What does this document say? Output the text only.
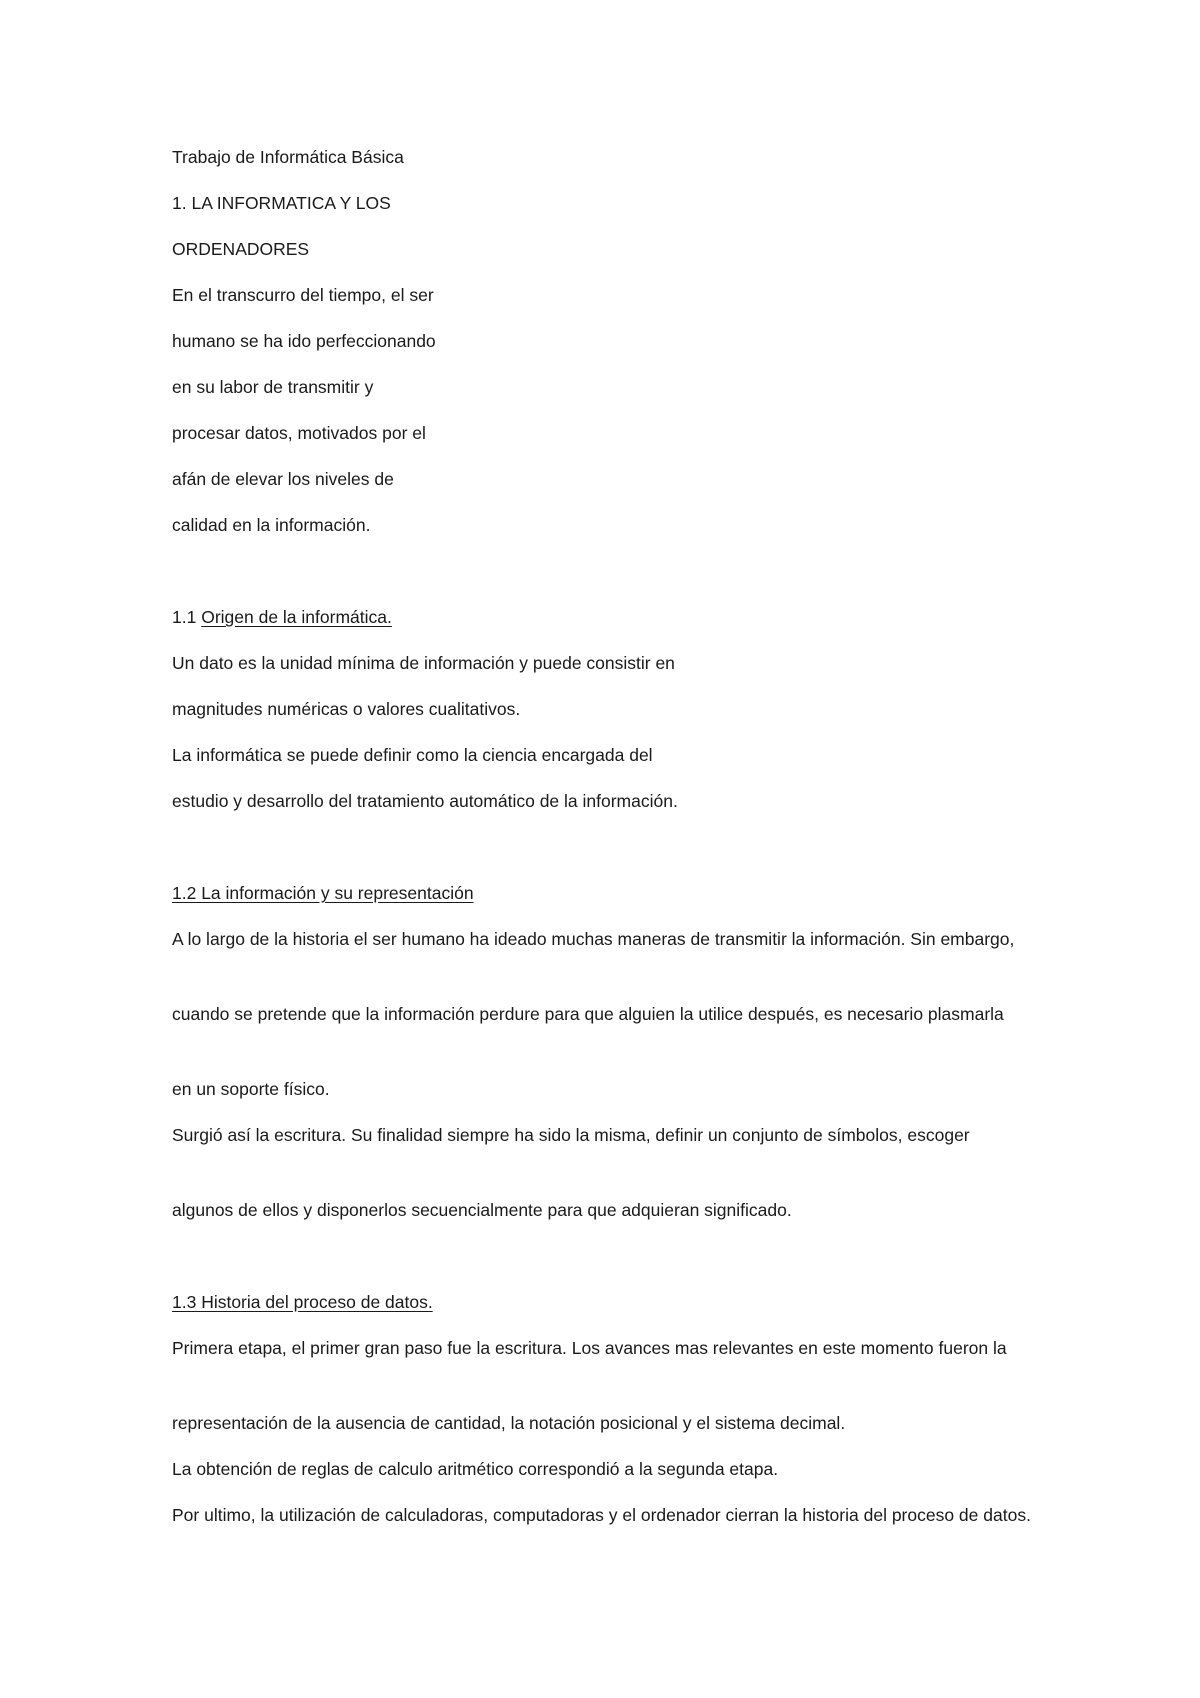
Trabajo de Informática Básica
1. LA INFORMATICA Y LOS
ORDENADORES
En el transcurro del tiempo, el ser
humano se ha ido perfeccionando
en su labor de transmitir y
procesar datos, motivados por el
afán de elevar los niveles de
calidad en la información.
1.1 Origen de la informática.
Un dato es la unidad mínima de información y puede consistir en
magnitudes numéricas o valores cualitativos.
La informática se puede definir como la ciencia encargada del
estudio y desarrollo del tratamiento automático de la información.
1.2 La información y su representación
A lo largo de la historia el ser humano ha ideado muchas maneras de transmitir la información. Sin embargo,
cuando se pretende que la información perdure para que alguien la utilice después, es necesario plasmarla
en un soporte físico.
Surgió así la escritura. Su finalidad siempre ha sido la misma, definir un conjunto de símbolos, escoger
algunos de ellos y disponerlos secuencialmente para que adquieran significado.
1.3 Historia del proceso de datos.
Primera etapa, el primer gran paso fue la escritura. Los avances mas relevantes en este momento fueron la
representación de la ausencia de cantidad, la notación posicional y el sistema decimal.
La obtención de reglas de calculo aritmético correspondió a la segunda etapa.
Por ultimo, la utilización de calculadoras, computadoras y el ordenador cierran la historia del proceso de datos.
